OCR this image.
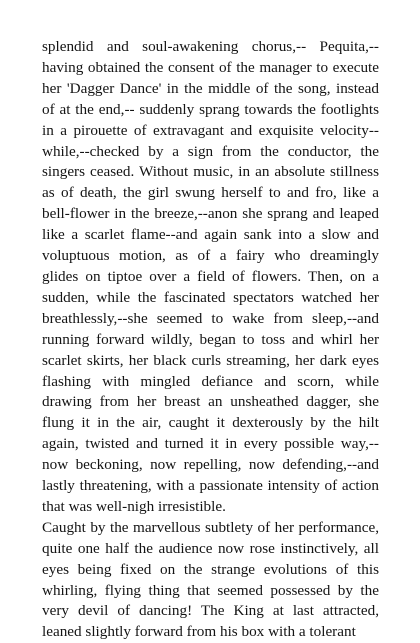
splendid and soul-awakening chorus,-- Pequita,--having obtained the consent of the manager to execute her 'Dagger Dance' in the middle of the song, instead of at the end,-- suddenly sprang towards the footlights in a pirouette of extravagant and exquisite velocity--while,--checked by a sign from the conductor, the singers ceased. Without music, in an absolute stillness as of death, the girl swung herself to and fro, like a bell-flower in the breeze,--anon she sprang and leaped like a scarlet flame--and again sank into a slow and voluptuous motion, as of a fairy who dreamingly glides on tiptoe over a field of flowers. Then, on a sudden, while the fascinated spectators watched her breathlessly,--she seemed to wake from sleep,--and running forward wildly, began to toss and whirl her scarlet skirts, her black curls streaming, her dark eyes flashing with mingled defiance and scorn, while drawing from her breast an unsheathed dagger, she flung it in the air, caught it dexterously by the hilt again, twisted and turned it in every possible way,--now beckoning, now repelling, now defending,--and lastly threatening, with a passionate intensity of action that was well-nigh irresistible.

Caught by the marvellous subtlety of her performance, quite one half the audience now rose instinctively, all eyes being fixed on the strange evolutions of this whirling, flying thing that seemed possessed by the very devil of dancing! The King at last attracted, leaned slightly forward from his box with a tolerant
